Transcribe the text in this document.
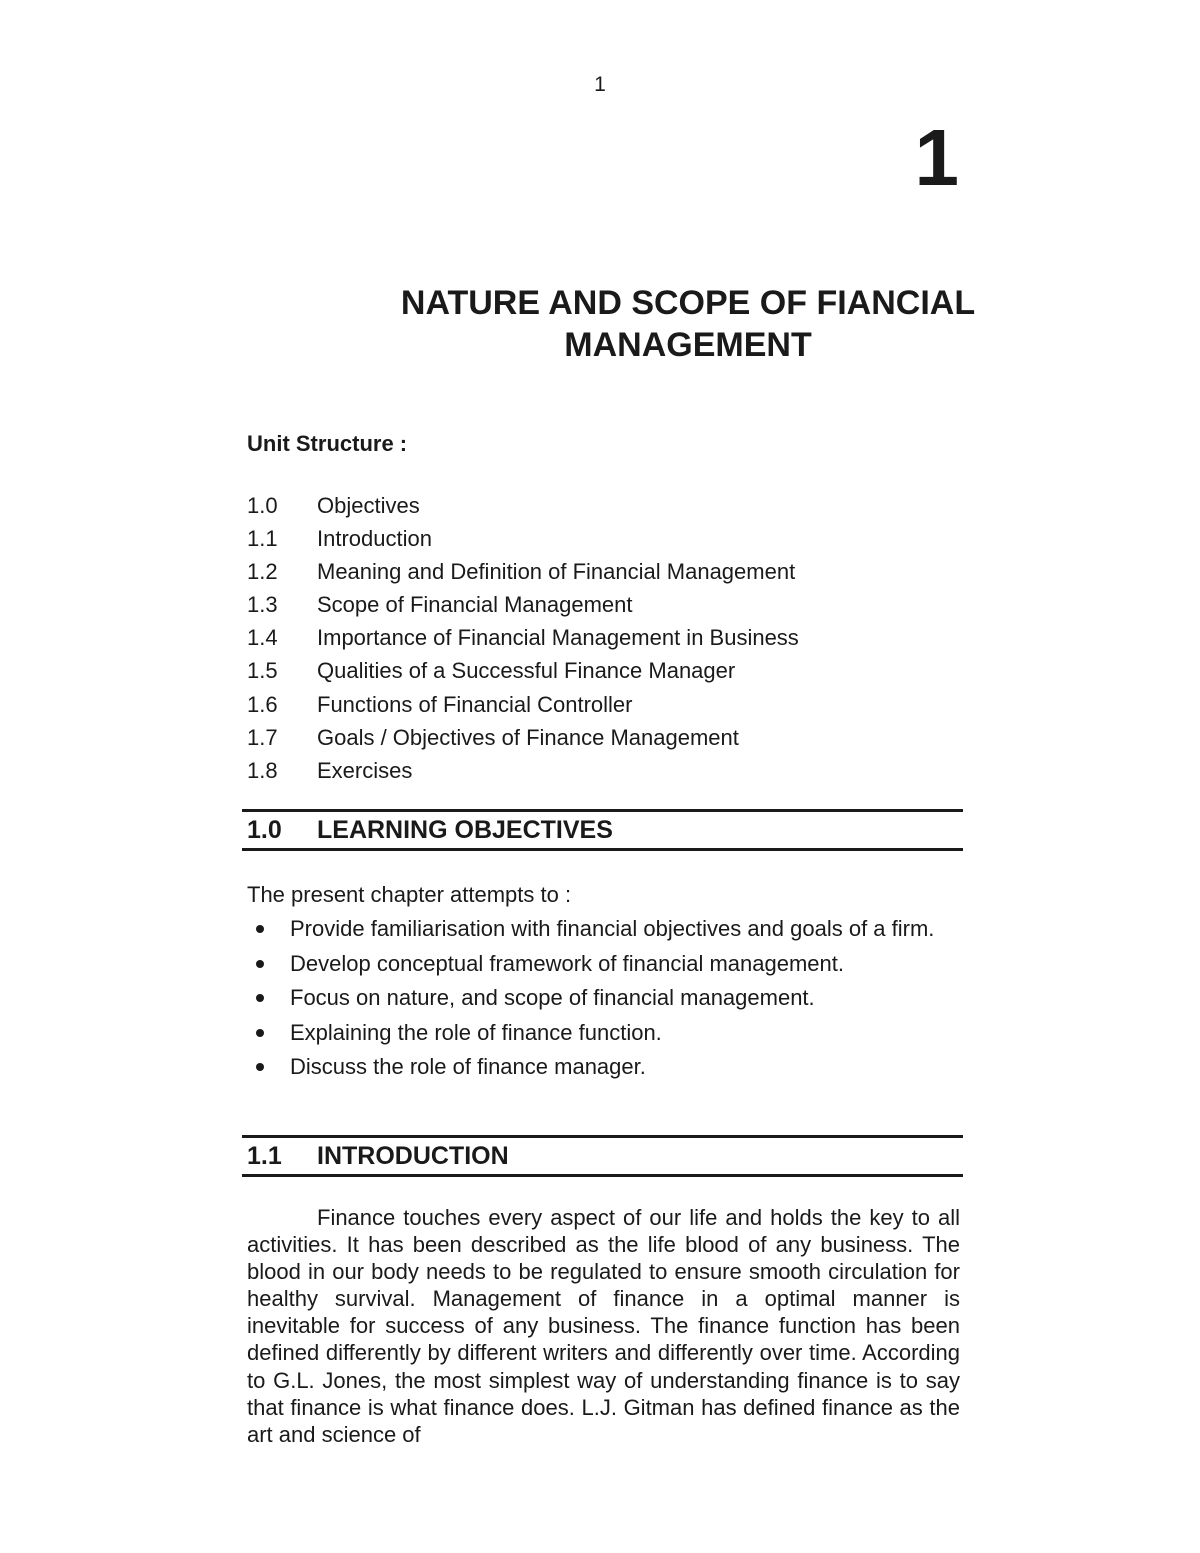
1
1
NATURE AND SCOPE OF FIANCIAL
MANAGEMENT
Unit Structure :
1.0 Objectives
1.1 Introduction
1.2 Meaning and Definition of Financial Management
1.3 Scope of Financial Management
1.4 Importance of Financial Management in Business
1.5 Qualities of a Successful Finance Manager
1.6 Functions of Financial Controller
1.7 Goals / Objectives of Finance Management
1.8 Exercises
1.0 LEARNING OBJECTIVES
The present chapter attempts to :
Provide familiarisation with financial objectives and goals of a firm.
Develop conceptual framework of financial management.
Focus on nature, and scope of financial management.
Explaining the role of finance function.
Discuss the role of finance manager.
1.1 INTRODUCTION

Finance touches every aspect of our life and holds the key to all activities. It has been described as the life blood of any business. The blood in our body needs to be regulated to ensure smooth circulation for healthy survival. Management of finance in a optimal manner is inevitable for success of any business. The finance function has been defined differently by different writers and differently over time. According to G.L. Jones, the most simplest way of understanding finance is to say that finance is what finance does. L.J. Gitman has defined finance as the art and science of
